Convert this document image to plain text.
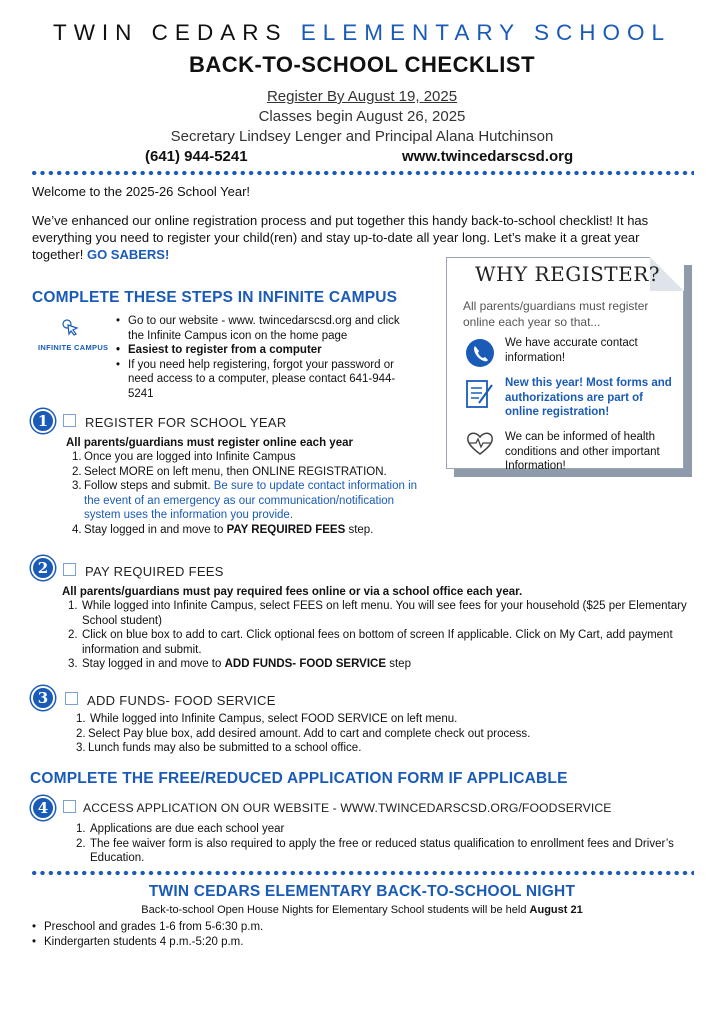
TWIN CEDARS ELEMENTARY SCHOOL
BACK-TO-SCHOOL CHECKLIST
Register By August 19, 2025
Classes begin August 26, 2025
Secretary Lindsey Lenger and Principal Alana Hutchinson
(641) 944-5241	www.twincedarscsd.org
Welcome to the 2025-26 School Year!
We’ve enhanced our online registration process and put together this handy back-to-school checklist! It has everything you need to register your child(ren) and stay up-to-date all year long. Let’s make it a great year together! GO SABERS!
WHY REGISTER?
All parents/guardians must register online each year so that...
We have accurate contact information!
New this year! Most forms and authorizations are part of online registration!
We can be informed of health conditions and other important Information!
COMPLETE THESE STEPS IN INFINITE CAMPUS
INFINITE CAMPUS
• Go to our website - www. twincedarscsd.org and click the Infinite Campus icon on the home page
• Easiest to register from a computer
• If you need help registering, forgot your password or need access to a computer, please contact 641-944-5241
1	REGISTER FOR SCHOOL YEAR
All parents/guardians must register online each year
1. Once you are logged into Infinite Campus
2. Select MORE on left menu, then ONLINE REGISTRATION.
3. Follow steps and submit. Be sure to update contact information in the event of an emergency as our communication/notification system uses the information you provide.
4. Stay logged in and move to PAY REQUIRED FEES step.
2	PAY REQUIRED FEES
All parents/guardians must pay required fees online or via a school office each year.
1. While logged into Infinite Campus, select FEES on left menu. You will see fees for your household ($25 per Elementary School student)
2. Click on blue box to add to cart. Click optional fees on bottom of screen If applicable. Click on My Cart, add payment information and submit.
3. Stay logged in and move to ADD FUNDS- FOOD SERVICE step
3	ADD FUNDS- FOOD SERVICE
1. While logged into Infinite Campus, select FOOD SERVICE on left menu.
2. Select Pay blue box, add desired amount. Add to cart and complete check out process.
3. Lunch funds may also be submitted to a school office.
COMPLETE THE FREE/REDUCED APPLICATION FORM IF APPLICABLE
4	ACCESS APPLICATION ON OUR WEBSITE - WWW.TWINCEDARSCSD.ORG/FOODSERVICE
1. Applications are due each school year
2. The fee waiver form is also required to apply the free or reduced status qualification to enrollment fees and Driver’s Education.
TWIN CEDARS ELEMENTARY BACK-TO-SCHOOL NIGHT
Back-to-school Open House Nights for Elementary School students will be held August 21
• Preschool and grades 1-6 from 5-6:30 p.m.
• Kindergarten students 4 p.m.-5:20 p.m.
